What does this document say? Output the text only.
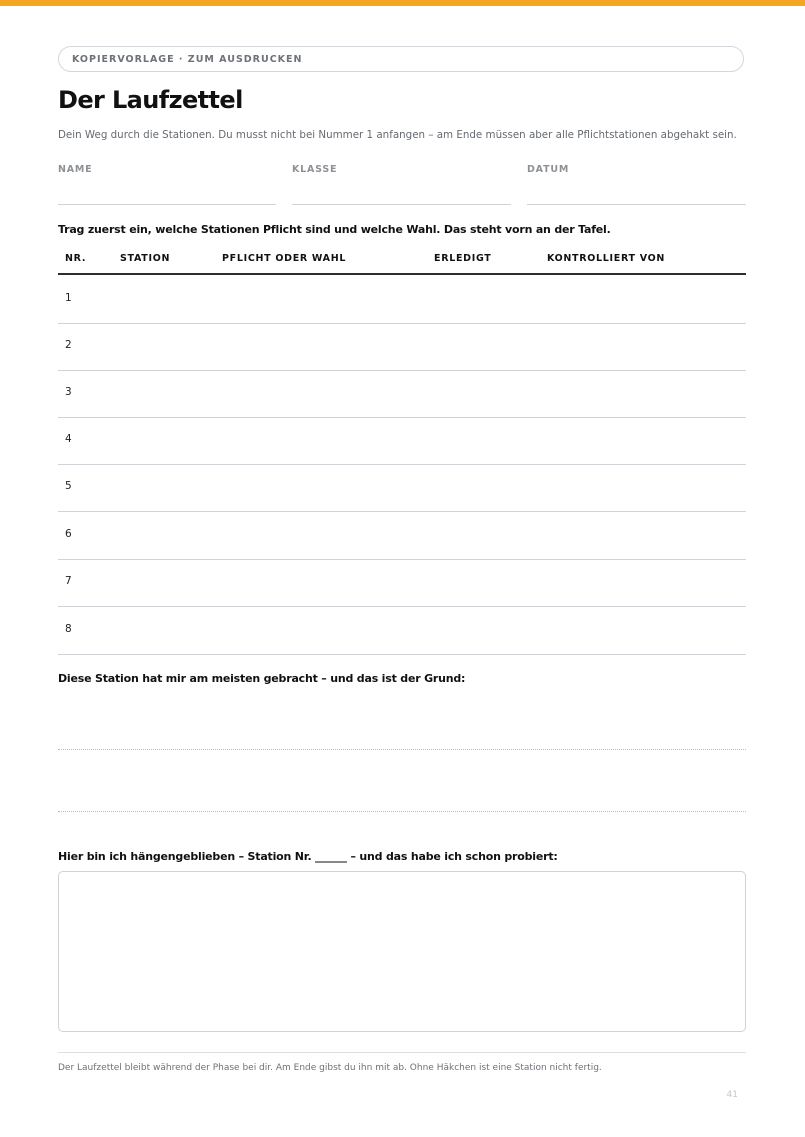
KOPIERVORLAGE · ZUM AUSDRUCKEN
Der Laufzettel
Dein Weg durch die Stationen. Du musst nicht bei Nummer 1 anfangen – am Ende müssen aber alle Pflichtstationen abgehakt sein.
NAME	KLASSE	DATUM
Trag zuerst ein, welche Stationen Pflicht sind und welche Wahl. Das steht vorn an der Tafel.
NR.	STATION	PFLICHT ODER WAHL	ERLEDIGT	KONTROLLIERT VON
1
2
3
4
5
6
7
8
Diese Station hat mir am meisten gebracht – und das ist der Grund:
Hier bin ich hängengeblieben – Station Nr. ______ – und das habe ich schon probiert:
Der Laufzettel bleibt während der Phase bei dir. Am Ende gibst du ihn mit ab. Ohne Häkchen ist eine Station nicht fertig.
41
